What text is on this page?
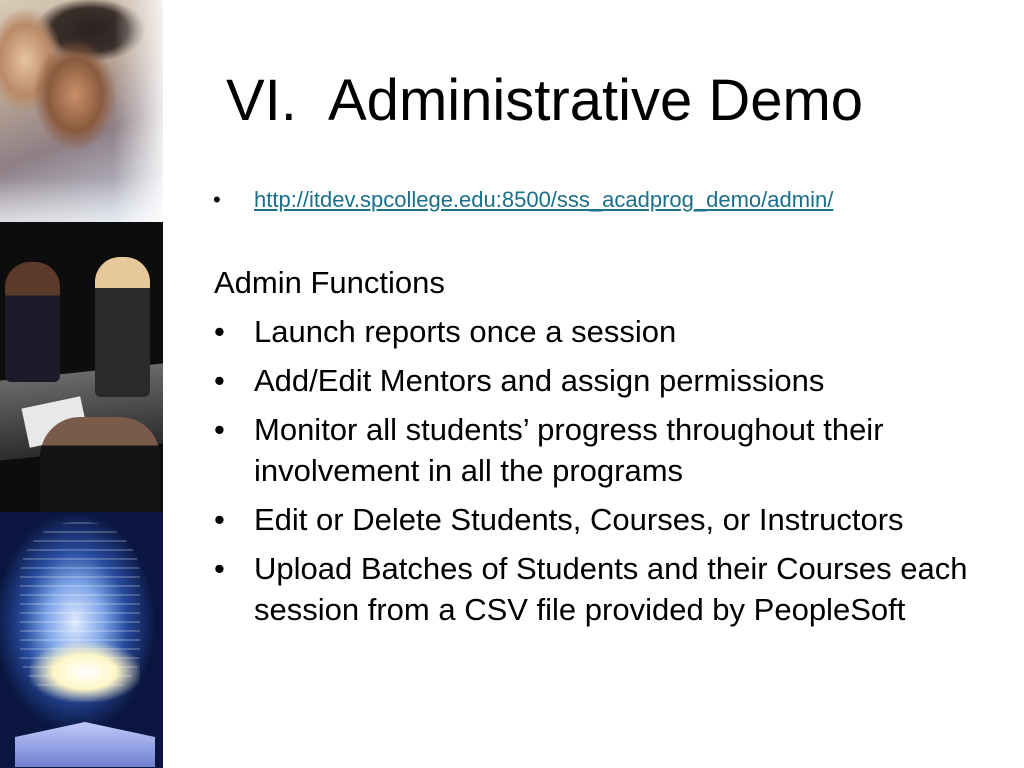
VI. Administrative Demo
•	http://itdev.spcollege.edu:8500/sss_acadprog_demo/admin/
Admin Functions
• Launch reports once a session
• Add/Edit Mentors and assign permissions
• Monitor all students’ progress throughout their involvement in all the programs
• Edit or Delete Students, Courses, or Instructors
• Upload Batches of Students and their Courses each session from a CSV file provided by PeopleSoft
